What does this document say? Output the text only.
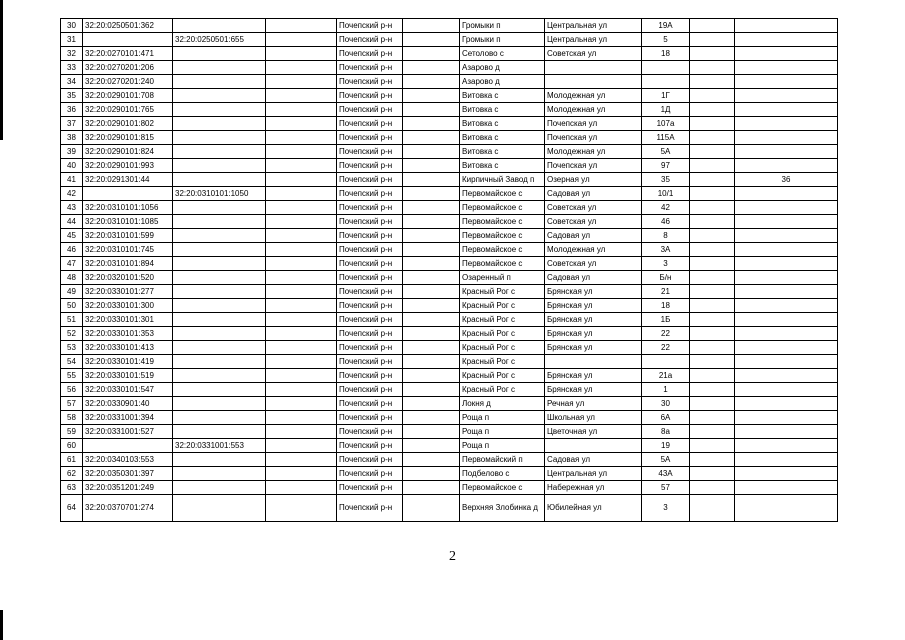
30	32:20:0250501:362			Почепский р-н		Громыки п	Центральная ул	19А		
31		32:20:0250501:655		Почепский р-н		Громыки п	Центральная ул	5		
32	32:20:0270101:471			Почепский р-н		Сетолово с	Советская ул	18		
33	32:20:0270201:206			Почепский р-н		Азарово д				
34	32:20:0270201:240			Почепский р-н		Азарово д				
35	32:20:0290101:708			Почепский р-н		Витовка с	Молодежная ул	1Г		
36	32:20:0290101:765			Почепский р-н		Витовка с	Молодежная ул	1Д		
37	32:20:0290101:802			Почепский р-н		Витовка с	Почепская ул	107а		
38	32:20:0290101:815			Почепский р-н		Витовка с	Почепская ул	115А		
39	32:20:0290101:824			Почепский р-н		Витовка с	Молодежная ул	5А		
40	32:20:0290101:993			Почепский р-н		Витовка с	Почепская ул	97		
41	32:20:0291301:44			Почепский р-н		Кирпичный Завод п	Озерная ул	35		36
42		32:20:0310101:1050		Почепский р-н		Первомайское с	Садовая ул	10/1		
43	32:20:0310101:1056			Почепский р-н		Первомайское с	Советская ул	42		
44	32:20:0310101:1085			Почепский р-н		Первомайское с	Советская ул	46		
45	32:20:0310101:599			Почепский р-н		Первомайское с	Садовая ул	8		
46	32:20:0310101:745			Почепский р-н		Первомайское с	Молодежная ул	3А		
47	32:20:0310101:894			Почепский р-н		Первомайское с	Советская ул	3		
48	32:20:0320101:520			Почепский р-н		Озаренный п	Садовая ул	Б/н		
49	32:20:0330101:277			Почепский р-н		Красный Рог с	Брянская ул	21		
50	32:20:0330101:300			Почепский р-н		Красный Рог с	Брянская ул	18		
51	32:20:0330101:301			Почепский р-н		Красный Рог с	Брянская ул	1Б		
52	32:20:0330101:353			Почепский р-н		Красный Рог с	Брянская ул	22		
53	32:20:0330101:413			Почепский р-н		Красный Рог с	Брянская ул	22		
54	32:20:0330101:419			Почепский р-н		Красный Рог с				
55	32:20:0330101:519			Почепский р-н		Красный Рог с	Брянская ул	21а		
56	32:20:0330101:547			Почепский р-н		Красный Рог с	Брянская ул	1		
57	32:20:0330901:40			Почепский р-н		Локня д	Речная ул	30		
58	32:20:0331001:394			Почепский р-н		Роща п	Школьная ул	6А		
59	32:20:0331001:527			Почепский р-н		Роща п	Цветочная ул	8а		
60		32:20:0331001:553		Почепский р-н		Роща п		19		
61	32:20:0340103:553			Почепский р-н		Первомайский п	Садовая ул	5А		
62	32:20:0350301:397			Почепский р-н		Подбелово с	Центральная ул	43А		
63	32:20:0351201:249			Почепский р-н		Первомайское с	Набережная ул	57		
64	32:20:0370701:274			Почепский р-н		Верхняя Злобинка д	Юбилейная ул	3		
2
